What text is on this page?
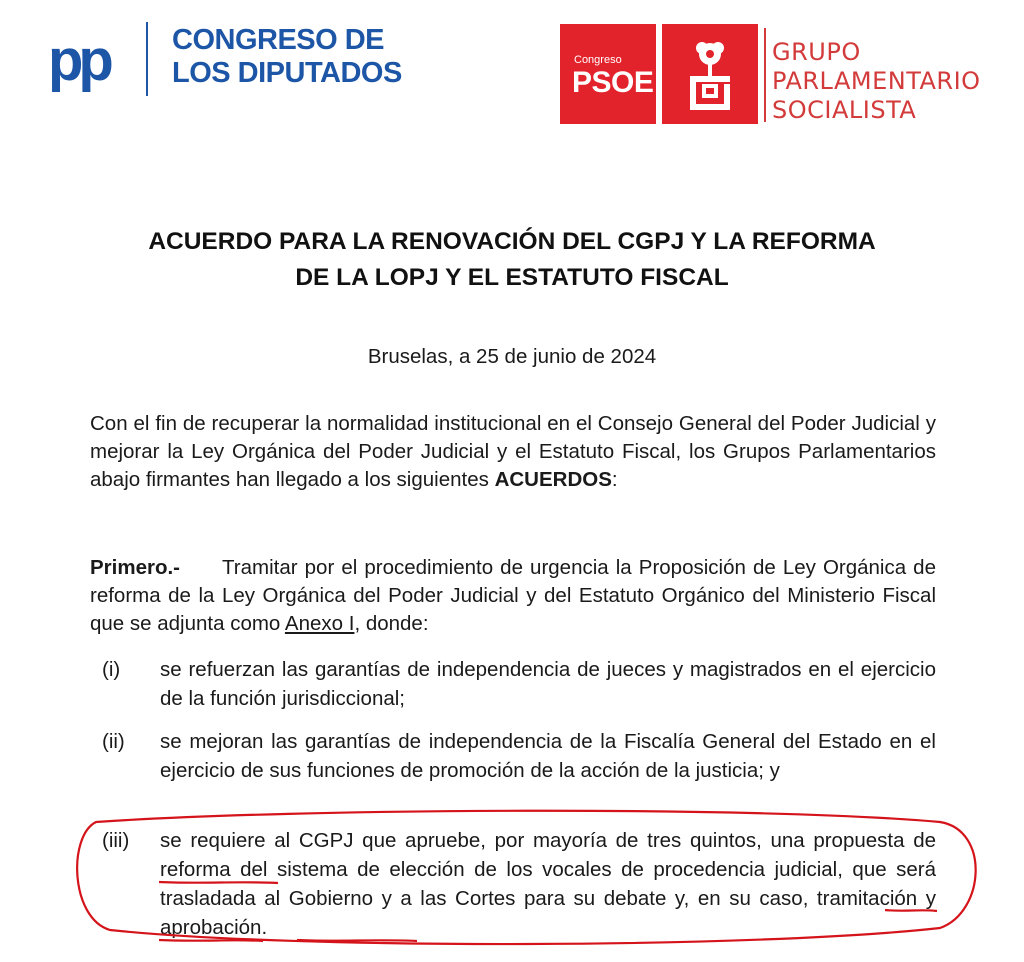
pp CONGRESO DE
LOS DIPUTADOS	Congreso
PSOE
GRUPO
PARLAMENTARIO
SOCIALISTA
ACUERDO PARA LA RENOVACIÓN DEL CGPJ Y LA REFORMA
DE LA LOPJ Y EL ESTATUTO FISCAL
Bruselas, a 25 de junio de 2024
Con el fin de recuperar la normalidad institucional en el Consejo General del Poder Judicial y mejorar la Ley Orgánica del Poder Judicial y el Estatuto Fiscal, los Grupos Parlamentarios abajo firmantes han llegado a los siguientes ACUERDOS:
Primero.- Tramitar por el procedimiento de urgencia la Proposición de Ley Orgánica de reforma de la Ley Orgánica del Poder Judicial y del Estatuto Orgánico del Ministerio Fiscal que se adjunta como Anexo I, donde:
(i) se refuerzan las garantías de independencia de jueces y magistrados en el ejercicio de la función jurisdiccional;
(ii) se mejoran las garantías de independencia de la Fiscalía General del Estado en el ejercicio de sus funciones de promoción de la acción de la justicia; y
(iii) se requiere al CGPJ que apruebe, por mayoría de tres quintos, una propuesta de reforma del sistema de elección de los vocales de procedencia judicial, que será trasladada al Gobierno y a las Cortes para su debate y, en su caso, tramitación y aprobación.
